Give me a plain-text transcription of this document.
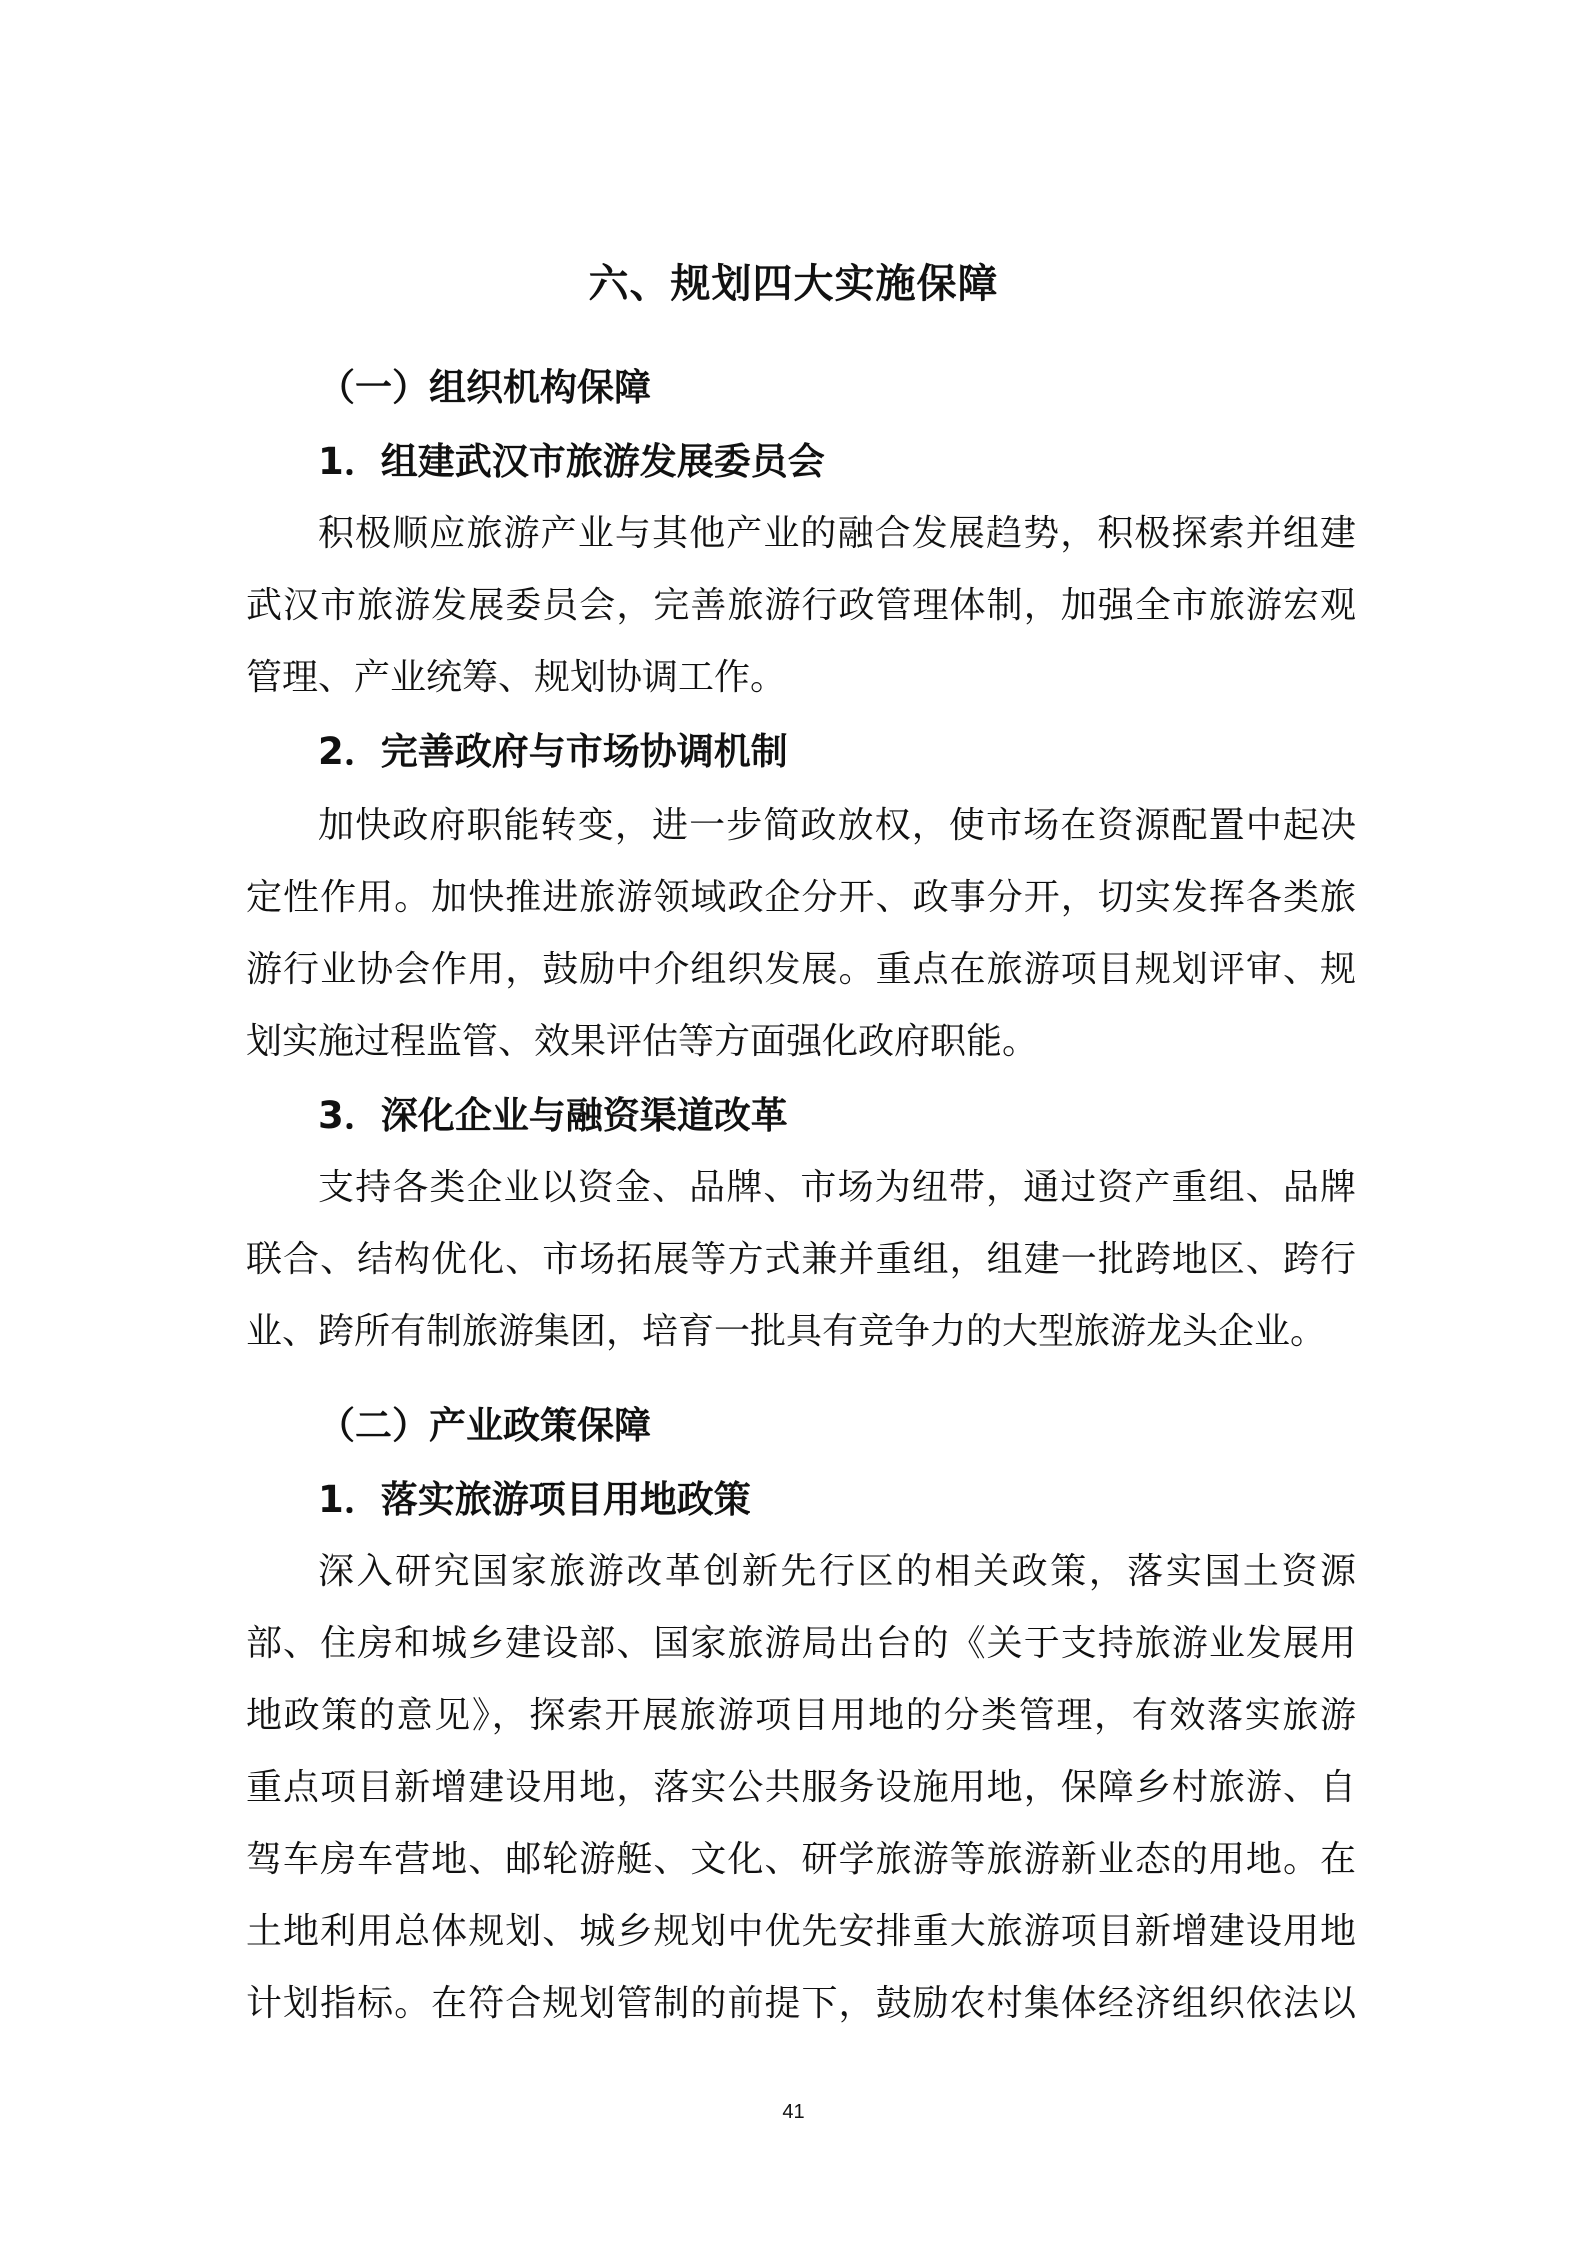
六、规划四大实施保障
（一）组织机构保障
1．组建武汉市旅游发展委员会
积极顺应旅游产业与其他产业的融合发展趋势，积极探索并组建
武汉市旅游发展委员会，完善旅游行政管理体制，加强全市旅游宏观
管理、产业统筹、规划协调工作。
2．完善政府与市场协调机制
加快政府职能转变，进一步简政放权，使市场在资源配置中起决
定性作用。加快推进旅游领域政企分开、政事分开，切实发挥各类旅
游行业协会作用，鼓励中介组织发展。重点在旅游项目规划评审、规
划实施过程监管、效果评估等方面强化政府职能。
3．深化企业与融资渠道改革
支持各类企业以资金、品牌、市场为纽带，通过资产重组、品牌
联合、结构优化、市场拓展等方式兼并重组，组建一批跨地区、跨行
业、跨所有制旅游集团，培育一批具有竞争力的大型旅游龙头企业。
（二）产业政策保障
1．落实旅游项目用地政策
深入研究国家旅游改革创新先行区的相关政策，落实国土资源
部、住房和城乡建设部、国家旅游局出台的《关于支持旅游业发展用
地政策的意见》，探索开展旅游项目用地的分类管理，有效落实旅游
重点项目新增建设用地，落实公共服务设施用地，保障乡村旅游、自
驾车房车营地、邮轮游艇、文化、研学旅游等旅游新业态的用地。在
土地利用总体规划、城乡规划中优先安排重大旅游项目新增建设用地
计划指标。在符合规划管制的前提下，鼓励农村集体经济组织依法以
41
